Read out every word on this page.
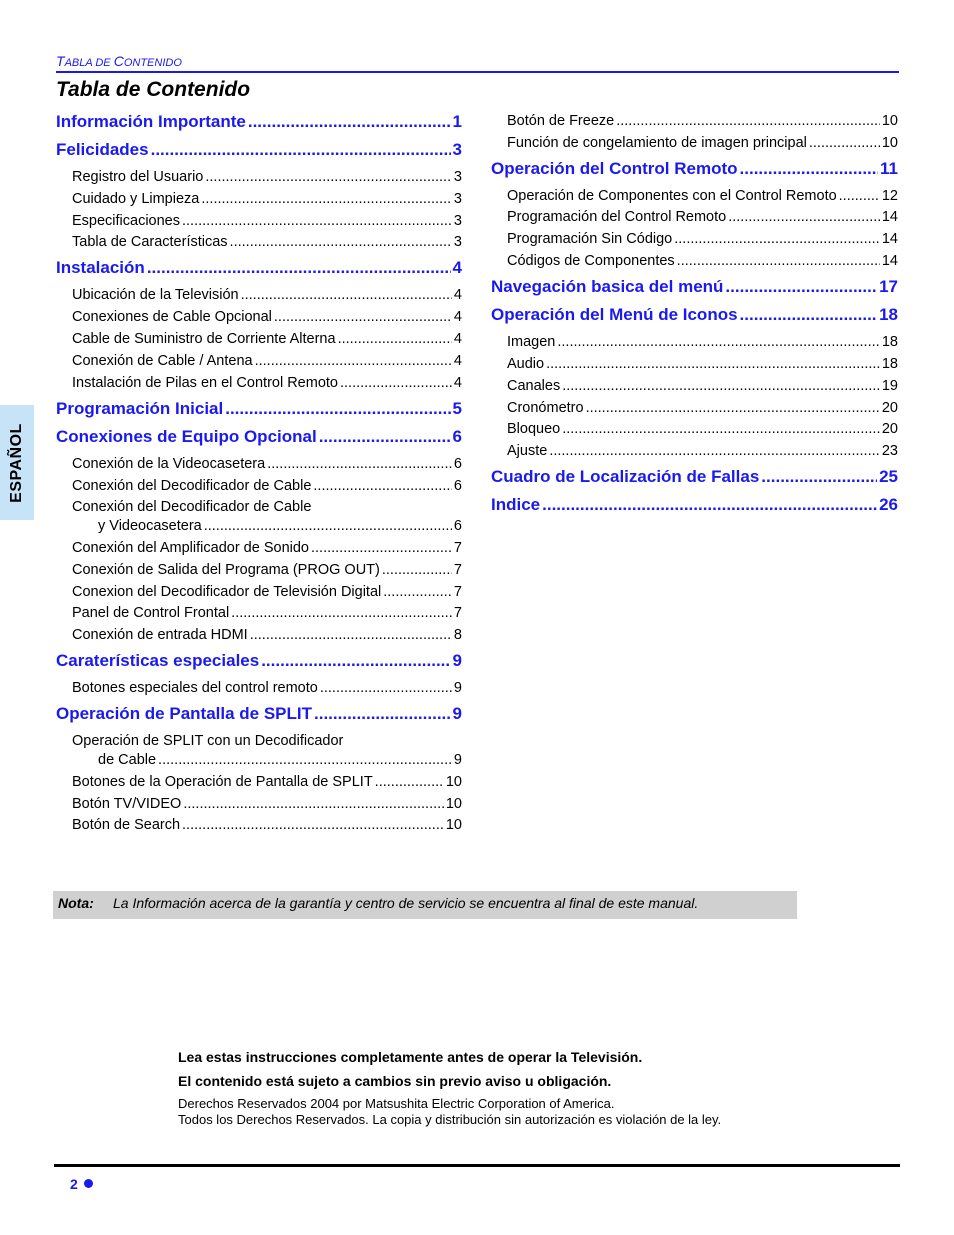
TABLA DE CONTENIDO
Tabla de Contenido
ESPAÑOL
Información Importante .....	1
Felicidades .....	3
Registro del Usuario .....	3
Cuidado y Limpieza .....	3
Especificaciones .....	3
Tabla de Características .....	3
Instalación .....	4
Ubicación de la Televisión .....	4
Conexiones de Cable Opcional .....	4
Cable de Suministro de Corriente Alterna .....	4
Conexión de Cable / Antena .....	4
Instalación de Pilas en el Control Remoto .....	4
Programación Inicial .....	5
Conexiones de Equipo Opcional .....	6
Conexión de la Videocasetera .....	6
Conexión del Decodificador de Cable .....	6
Conexión del Decodificador de Cable
y Videocasetera .....	6
Conexión del Amplificador de Sonido .....	7
Conexión de Salida del Programa (PROG OUT) .....	7
Conexion del Decodificador de Televisión Digital .....	7
Panel de Control Frontal .....	7
Conexión de entrada HDMI .....	8
Caraterísticas especiales .....	9
Botones especiales del control remoto .....	9
Operación de Pantalla de SPLIT .....	9
Operación de SPLIT con un Decodificador
de Cable .....	9
Botones de la Operación de Pantalla de SPLIT .....	10
Botón TV/VIDEO .....	10
Botón de Search .....	10
Botón de Freeze .....	10
Función de congelamiento de imagen principal .....	10
Operación del Control Remoto .....	11
Operación de Componentes con el Control Remoto .....	12
Programación del Control Remoto .....	14
Programación Sin Código .....	14
Códigos de Componentes .....	14
Navegación basica del menú .....	17
Operación del Menú de Iconos .....	18
Imagen .....	18
Audio .....	18
Canales .....	19
Cronómetro .....	20
Bloqueo .....	20
Ajuste .....	23
Cuadro de Localización de Fallas .....	25
Indice .....	26
Nota: La Información acerca de la garantía y centro de servicio se encuentra al final de este manual.
Lea estas instrucciones completamente antes de operar la Televisión.
El contenido está sujeto a cambios sin previo aviso u obligación.
Derechos Reservados 2004 por Matsushita Electric Corporation of America.
Todos los Derechos Reservados. La copia y distribución sin autorización es violación de la ley.
2
